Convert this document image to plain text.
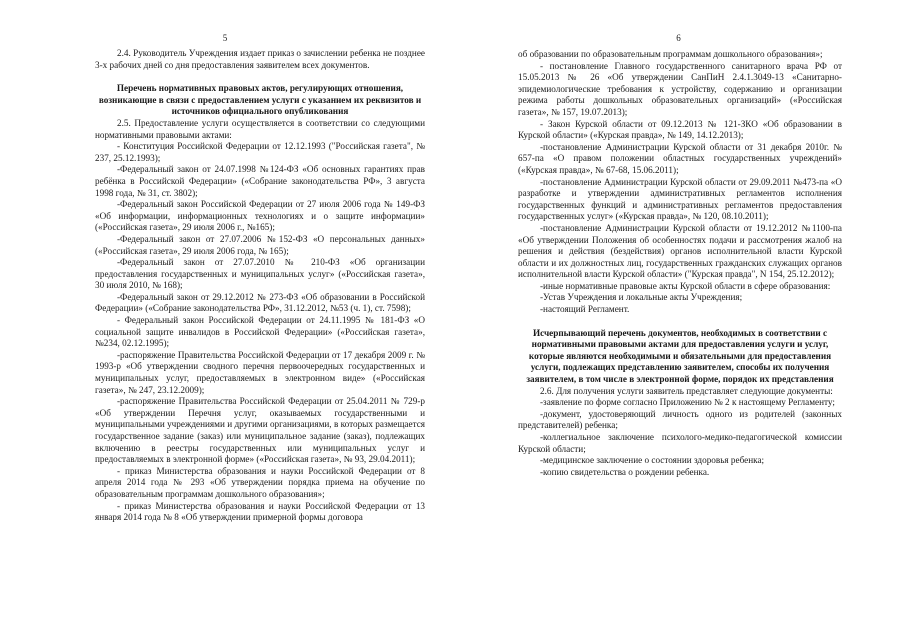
5

2.4. Руководитель Учреждения издает приказ о зачислении ребенка не позднее 3-х рабочих дней со дня предоставления заявителем всех документов.

Перечень нормативных правовых актов, регулирующих отношения, возникающие в связи с предоставлением услуги с указанием их реквизитов и источников официального опубликования

2.5. Предоставление услуги осуществляется в соответствии со следующими нормативными правовыми актами:

- Конституция Российской Федерации от 12.12.1993 ("Российская газета", № 237, 25.12.1993);

-Федеральный закон от 24.07.1998 №124-ФЗ «Об основных гарантиях прав ребёнка в Российской Федерации» («Собрание законодательства РФ», 3 августа 1998 года, № 31, ст. 3802);

-Федеральный закон Российской Федерации от 27 июля 2006 года № 149-ФЗ «Об информации, информационных технологиях и о защите информации» («Российская газета», 29 июля 2006 г., №165);

-Федеральный закон от 27.07.2006 №152-ФЗ «О персональных данных» («Российская газета», 29 июля 2006 года, № 165);

-Федеральный закон от 27.07.2010 № 210-ФЗ «Об организации предоставления государственных и муниципальных услуг» («Российская газета», 30 июля 2010, № 168);

-Федеральный закон от 29.12.2012 № 273-ФЗ «Об образовании в Российской Федерации» («Собрание законодательства РФ», 31.12.2012, №53 (ч. 1), ст. 7598);

- Федеральный закон Российской Федерации от 24.11.1995 № 181-ФЗ «О социальной защите инвалидов в Российской Федерации» («Российская газета», №234, 02.12.1995);

-распоряжение Правительства Российской Федерации от 17 декабря 2009 г. № 1993-р «Об утверждении сводного перечня первоочередных государственных и муниципальных услуг, предоставляемых в электронном виде» («Российская газета», № 247, 23.12.2009);

-распоряжение Правительства Российской Федерации от 25.04.2011 № 729-р «Об утверждении Перечня услуг, оказываемых государственными и муниципальными учреждениями и другими организациями, в которых размещается государственное задание (заказ) или муниципальное задание (заказ), подлежащих включению в реестры государственных или муниципальных услуг и предоставляемых в электронной форме» («Российская газета», № 93, 29.04.2011);

- приказ Министерства образования и науки Российской Федерации от 8 апреля 2014 года № 293 «Об утверждении порядка приема на обучение по образовательным программам дошкольного образования»;

- приказ Министерства образования и науки Российской Федерации от 13 января 2014 года № 8 «Об утверждении примерной формы договора

6

об образовании по образовательным программам дошкольного образования»;

- постановление Главного государственного санитарного врача РФ от 15.05.2013 № 26 «Об утверждении СанПиН 2.4.1.3049-13 «Санитарно-эпидемиологические требования к устройству, содержанию и организации режима работы дошкольных образовательных организаций» («Российская газета», № 157, 19.07.2013);

- Закон Курской области от 09.12.2013 № 121-ЗКО «Об образовании в Курской области» («Курская правда», № 149, 14.12.2013);

-постановление Администрации Курской области от 31 декабря 2010г. № 657-па «О правом положении областных государственных учреждений» («Курская правда», № 67-68, 15.06.2011);

-постановление Администрации Курской области от 29.09.2011 №473-па «О разработке и утверждении административных регламентов исполнения государственных функций и административных регламентов предоставления государственных услуг» («Курская правда», № 120, 08.10.2011);

-постановление Администрации Курской области от 19.12.2012 №1100-па «Об утверждении Положения об особенностях подачи и рассмотрения жалоб на решения и действия (бездействия) органов исполнительной власти Курской области и их должностных лиц, государственных гражданских служащих органов исполнительной власти Курской области» ("Курская правда", N 154, 25.12.2012);

-иные нормативные правовые акты Курской области в сфере образования:

-Устав Учреждения и локальные акты Учреждения;

-настоящий Регламент.

Исчерпывающий перечень документов, необходимых в соответствии с нормативными правовыми актами для предоставления услуги и услуг, которые являются необходимыми и обязательными для предоставления услуги, подлежащих представлению заявителем, способы их получения заявителем, в том числе в электронной форме, порядок их представления

2.6. Для получения услуги заявитель представляет следующие документы:

-заявление по форме согласно Приложению № 2 к настоящему Регламенту;

-документ, удостоверяющий личность одного из родителей (законных представителей) ребенка;

-коллегиальное заключение психолого-медико-педагогической комиссии Курской области;

-медицинское заключение о состоянии здоровья ребенка;

-копию свидетельства о рождении ребенка.
